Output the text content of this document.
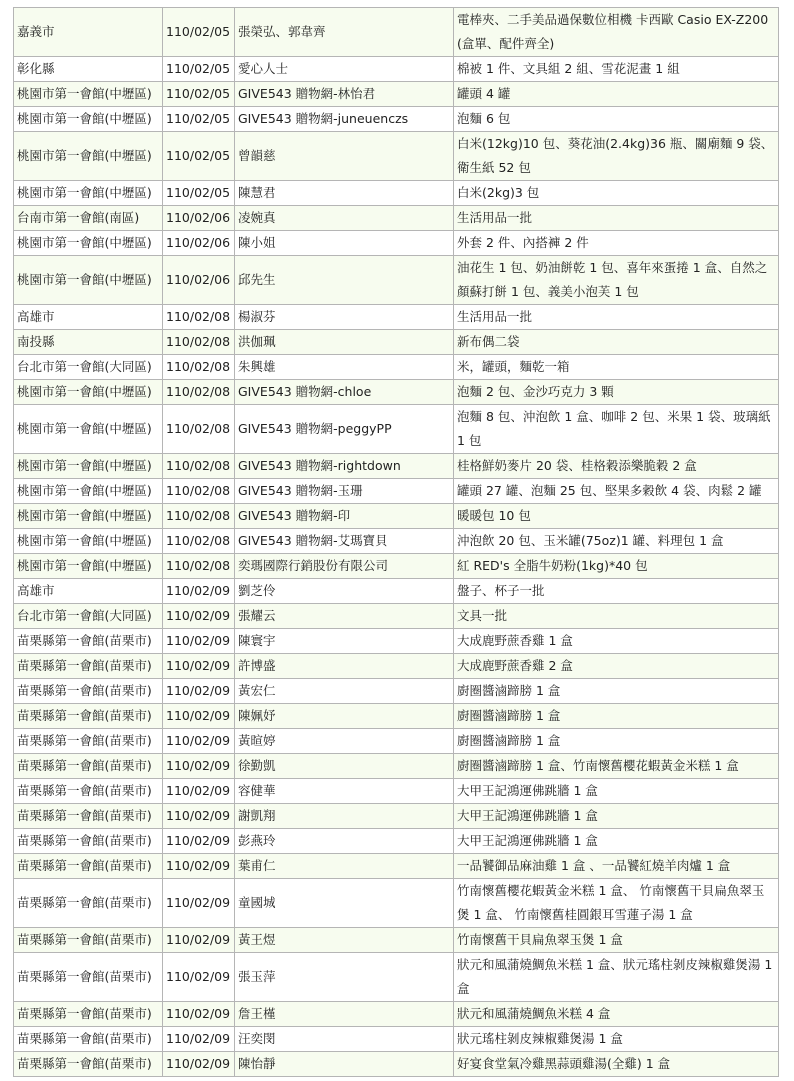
嘉義市	110/02/05	張榮弘、郭韋齊	電棒夾、二手美品過保數位相機 卡西歐 Casio EX-Z200(盒單、配件齊全)
彰化縣	110/02/05	愛心人士	棉被 1 件、文具組 2 組、雪花泥畫 1 組
桃園市第一會館(中壢區)	110/02/05	GIVE543 贈物網-林怡君	罐頭 4 罐
桃園市第一會館(中壢區)	110/02/05	GIVE543 贈物網-juneuenczs	泡麵 6 包
桃園市第一會館(中壢區)	110/02/05	曾韻慈	白米(12kg)10 包、葵花油(2.4kg)36 瓶、關廟麵 9 袋、衛生紙 52 包
桃園市第一會館(中壢區)	110/02/05	陳慧君	白米(2kg)3 包
台南市第一會館(南區)	110/02/06	凌婉真	生活用品一批
桃園市第一會館(中壢區)	110/02/06	陳小姐	外套 2 件、內搭褲 2 件
桃園市第一會館(中壢區)	110/02/06	邱先生	油花生 1 包、奶油餅乾 1 包、喜年來蛋捲 1 盒、自然之顏蘇打餅 1 包、義美小泡芙 1 包
高雄市	110/02/08	楊淑芬	生活用品一批
南投縣	110/02/08	洪伽珮	新布偶二袋
台北市第一會館(大同區)	110/02/08	朱興雄	米，罐頭，麵乾一箱
桃園市第一會館(中壢區)	110/02/08	GIVE543 贈物網-chloe	泡麵 2 包、金沙巧克力 3 顆
桃園市第一會館(中壢區)	110/02/08	GIVE543 贈物網-peggyPP	泡麵 8 包、沖泡飲 1 盒、咖啡 2 包、米果 1 袋、玻璃紙 1 包
桃園市第一會館(中壢區)	110/02/08	GIVE543 贈物網-rightdown	桂格鮮奶麥片 20 袋、桂格穀添樂脆穀 2 盒
桃園市第一會館(中壢區)	110/02/08	GIVE543 贈物網-玉珊	罐頭 27 罐、泡麵 25 包、堅果多穀飲 4 袋、肉鬆 2 罐
桃園市第一會館(中壢區)	110/02/08	GIVE543 贈物網-印	暖暖包 10 包
桃園市第一會館(中壢區)	110/02/08	GIVE543 贈物網-艾瑪寶貝	沖泡飲 20 包、玉米罐(75oz)1 罐、料理包 1 盒
桃園市第一會館(中壢區)	110/02/08	奕瑪國際行銷股份有限公司	紅 RED's 全脂牛奶粉(1kg)*40 包
高雄市	110/02/09	劉芝伶	盤子、杯子一批
台北市第一會館(大同區)	110/02/09	張耀云	文具一批
苗栗縣第一會館(苗栗市)	110/02/09	陳寰宇	大成鹿野蔗香雞 1 盒
苗栗縣第一會館(苗栗市)	110/02/09	許博盛	大成鹿野蔗香雞 2 盒
苗栗縣第一會館(苗栗市)	110/02/09	黃宏仁	廚圈醬滷蹄膀 1 盒
苗栗縣第一會館(苗栗市)	110/02/09	陳姵妤	廚圈醬滷蹄膀 1 盒
苗栗縣第一會館(苗栗市)	110/02/09	黃暄婷	廚圈醬滷蹄膀 1 盒
苗栗縣第一會館(苗栗市)	110/02/09	徐勤凱	廚圈醬滷蹄膀 1 盒、竹南懷舊櫻花蝦黃金米糕 1 盒
苗栗縣第一會館(苗栗市)	110/02/09	容健華	大甲王記鴻運佛跳牆 1 盒
苗栗縣第一會館(苗栗市)	110/02/09	謝凱翔	大甲王記鴻運佛跳牆 1 盒
苗栗縣第一會館(苗栗市)	110/02/09	彭燕玲	大甲王記鴻運佛跳牆 1 盒
苗栗縣第一會館(苗栗市)	110/02/09	葉甫仁	一品饕御品麻油雞 1 盒 、一品饕紅燒羊肉爐 1 盒
苗栗縣第一會館(苗栗市)	110/02/09	童國城	竹南懷舊櫻花蝦黃金米糕 1 盒、 竹南懷舊干貝扁魚翠玉煲 1 盒、 竹南懷舊桂圓銀耳雪蓮子湯 1 盒
苗栗縣第一會館(苗栗市)	110/02/09	黃王煜	竹南懷舊干貝扁魚翠玉煲 1 盒
苗栗縣第一會館(苗栗市)	110/02/09	張玉萍	狀元和風蒲燒鯛魚米糕 1 盒、狀元瑤柱剝皮辣椒雞煲湯 1 盒
苗栗縣第一會館(苗栗市)	110/02/09	詹王槿	狀元和風蒲燒鯛魚米糕 4 盒
苗栗縣第一會館(苗栗市)	110/02/09	汪奕閔	狀元瑤柱剝皮辣椒雞煲湯 1 盒
苗栗縣第一會館(苗栗市)	110/02/09	陳怡靜	好宴食堂氣冷雞黑蒜頭雞湯(全雞) 1 盒
